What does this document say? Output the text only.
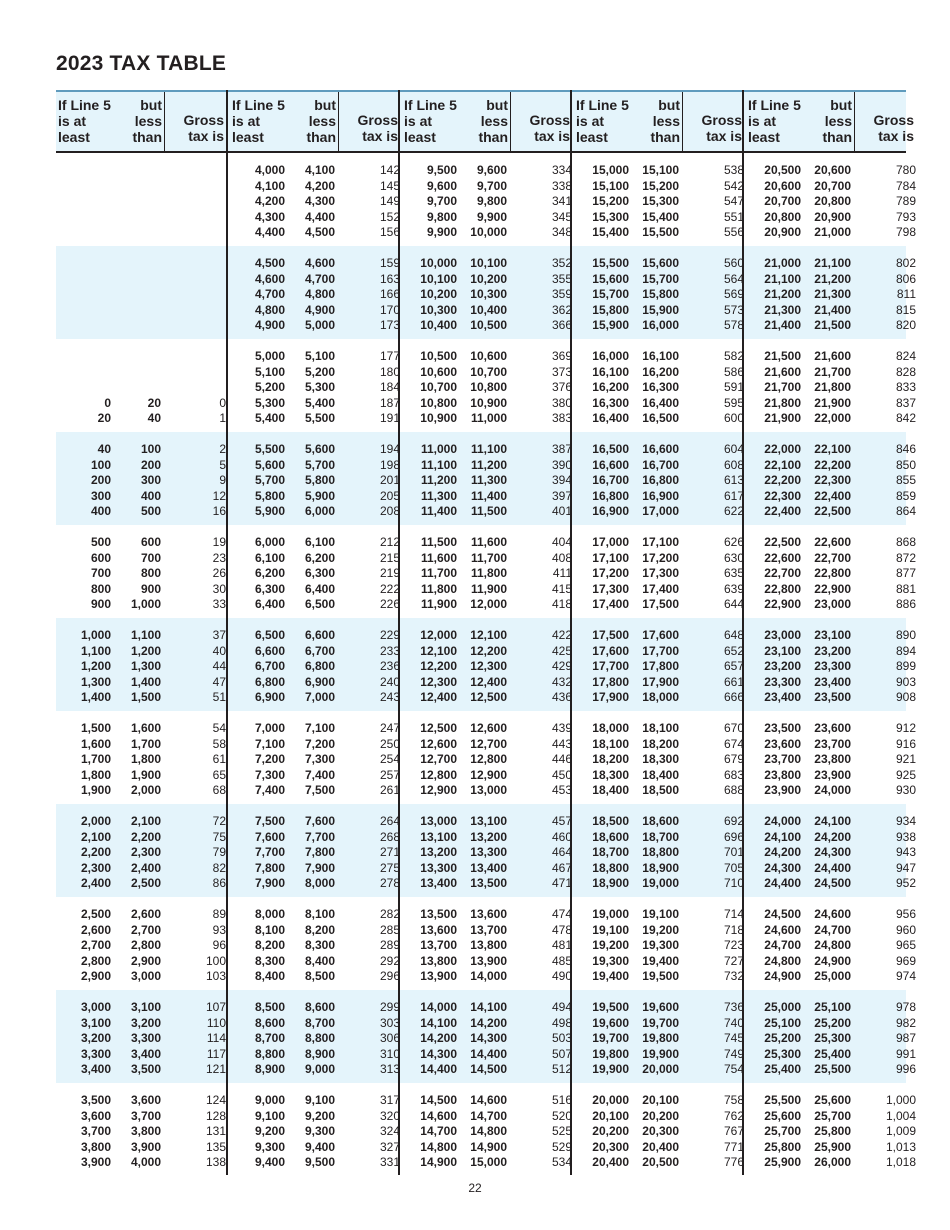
2023 TAX TABLE
If Line 5
is at
least
but
less
than
Gross
tax is
0	20	0
20	40	1
40 100	2
100 200	5
200 300	9
300 400	12
400 500	16
500 600	19
600 700	23
700 800	26
800 900	30
900 1,000	33
1,000 1,100	37
1,100 1,200	40
1,200 1,300	44
1,300 1,400	47
1,400 1,500	51
1,500 1,600	54
1,600 1,700	58
1,700 1,800	61
1,800 1,900	65
1,900 2,000	68
2,000 2,100	72
2,100 2,200	75
2,200 2,300	79
2,300 2,400	82
2,400 2,500	86
2,500 2,600	89
2,600 2,700	93
2,700 2,800	96
2,800 2,900	100
2,900 3,000	103
3,000 3,100	107
3,100 3,200	110
3,200 3,300	114
3,300 3,400	117
3,400 3,500	121
3,500 3,600	124
3,600 3,700	128
3,700 3,800	131
3,800 3,900	135
3,900 4,000	138
If Line 5
is at
least
but
less
than
Gross
tax is
4,000 4,100	142
4,100 4,200	145
4,200 4,300	149
4,300 4,400	152
4,400 4,500	156
4,500 4,600	159
4,600 4,700	163
4,700 4,800	166
4,800 4,900	170
4,900 5,000	173
5,000 5,100	177
5,100 5,200	180
5,200 5,300	184
5,300 5,400	187
5,400 5,500	191
5,500 5,600	194
5,600 5,700	198
5,700 5,800	201
5,800 5,900	205
5,900 6,000	208
6,000 6,100	212
6,100 6,200	215
6,200 6,300	219
6,300 6,400	222
6,400 6,500	226
6,500 6,600	229
6,600 6,700	233
6,700 6,800	236
6,800 6,900	240
6,900 7,000	243
7,000 7,100	247
7,100 7,200	250
7,200 7,300	254
7,300 7,400	257
7,400 7,500	261
7,500 7,600	264
7,600 7,700	268
7,700 7,800	271
7,800 7,900	275
7,900 8,000	278
8,000 8,100	282
8,100 8,200	285
8,200 8,300	289
8,300 8,400	292
8,400 8,500	296
8,500 8,600	299
8,600 8,700	303
8,700 8,800	306
8,800 8,900	310
8,900 9,000	313
9,000 9,100	317
9,100 9,200	320
9,200 9,300	324
9,300 9,400	327
9,400 9,500	331
If Line 5
is at
least
but
less
than
Gross
tax is
9,500 9,600	334
9,600 9,700	338
9,700 9,800	341
9,800 9,900	345
9,900 10,000	348
10,000 10,100	352
10,100 10,200	355
10,200 10,300	359
10,300 10,400	362
10,400 10,500	366
10,500 10,600	369
10,600 10,700	373
10,700 10,800	376
10,800 10,900	380
10,900 11,000	383
11,000 11,100	387
11,100 11,200	390
11,200 11,300	394
11,300 11,400	397
11,400 11,500	401
11,500 11,600	404
11,600 11,700	408
11,700 11,800	411
11,800 11,900	415
11,900 12,000	418
12,000 12,100	422
12,100 12,200	425
12,200 12,300	429
12,300 12,400	432
12,400 12,500	436
12,500 12,600	439
12,600 12,700	443
12,700 12,800	446
12,800 12,900	450
12,900 13,000	453
13,000 13,100	457
13,100 13,200	460
13,200 13,300	464
13,300 13,400	467
13,400 13,500	471
13,500 13,600	474
13,600 13,700	478
13,700 13,800	481
13,800 13,900	485
13,900 14,000	490
14,000 14,100	494
14,100 14,200	498
14,200 14,300	503
14,300 14,400	507
14,400 14,500	512
14,500 14,600	516
14,600 14,700	520
14,700 14,800	525
14,800 14,900	529
14,900 15,000	534
If Line 5
is at
least
but
less
than
Gross
tax is
15,000 15,100	538
15,100 15,200	542
15,200 15,300	547
15,300 15,400	551
15,400 15,500	556
15,500 15,600	560
15,600 15,700	564
15,700 15,800	569
15,800 15,900	573
15,900 16,000	578
16,000 16,100	582
16,100 16,200	586
16,200 16,300	591
16,300 16,400	595
16,400 16,500	600
16,500 16,600	604
16,600 16,700	608
16,700 16,800	613
16,800 16,900	617
16,900 17,000	622
17,000 17,100	626
17,100 17,200	630
17,200 17,300	635
17,300 17,400	639
17,400 17,500	644
17,500 17,600	648
17,600 17,700	652
17,700 17,800	657
17,800 17,900	661
17,900 18,000	666
18,000 18,100	670
18,100 18,200	674
18,200 18,300	679
18,300 18,400	683
18,400 18,500	688
18,500 18,600	692
18,600 18,700	696
18,700 18,800	701
18,800 18,900	705
18,900 19,000	710
19,000 19,100	714
19,100 19,200	718
19,200 19,300	723
19,300 19,400	727
19,400 19,500	732
19,500 19,600	736
19,600 19,700	740
19,700 19,800	745
19,800 19,900	749
19,900 20,000	754
20,000 20,100	758
20,100 20,200	762
20,200 20,300	767
20,300 20,400	771
20,400 20,500	776
If Line 5
is at
least
but
less
than
Gross
tax is
20,500 20,600	780
20,600 20,700	784
20,700 20,800	789
20,800 20,900	793
20,900 21,000	798
21,000 21,100	802
21,100 21,200	806
21,200 21,300	811
21,300 21,400	815
21,400 21,500	820
21,500 21,600	824
21,600 21,700	828
21,700 21,800	833
21,800 21,900	837
21,900 22,000	842
22,000 22,100	846
22,100 22,200	850
22,200 22,300	855
22,300 22,400	859
22,400 22,500	864
22,500 22,600	868
22,600 22,700	872
22,700 22,800	877
22,800 22,900	881
22,900 23,000	886
23,000 23,100	890
23,100 23,200	894
23,200 23,300	899
23,300 23,400	903
23,400 23,500	908
23,500 23,600	912
23,600 23,700	916
23,700 23,800	921
23,800 23,900	925
23,900 24,000	930
24,000 24,100	934
24,100 24,200	938
24,200 24,300	943
24,300 24,400	947
24,400 24,500	952
24,500 24,600	956
24,600 24,700	960
24,700 24,800	965
24,800 24,900	969
24,900 25,000	974
25,000 25,100	978
25,100 25,200	982
25,200 25,300	987
25,300 25,400	991
25,400 25,500	996
25,500 25,600	1,000
25,600 25,700	1,004
25,700 25,800	1,009
25,800 25,900	1,013
25,900 26,000	1,018
22
